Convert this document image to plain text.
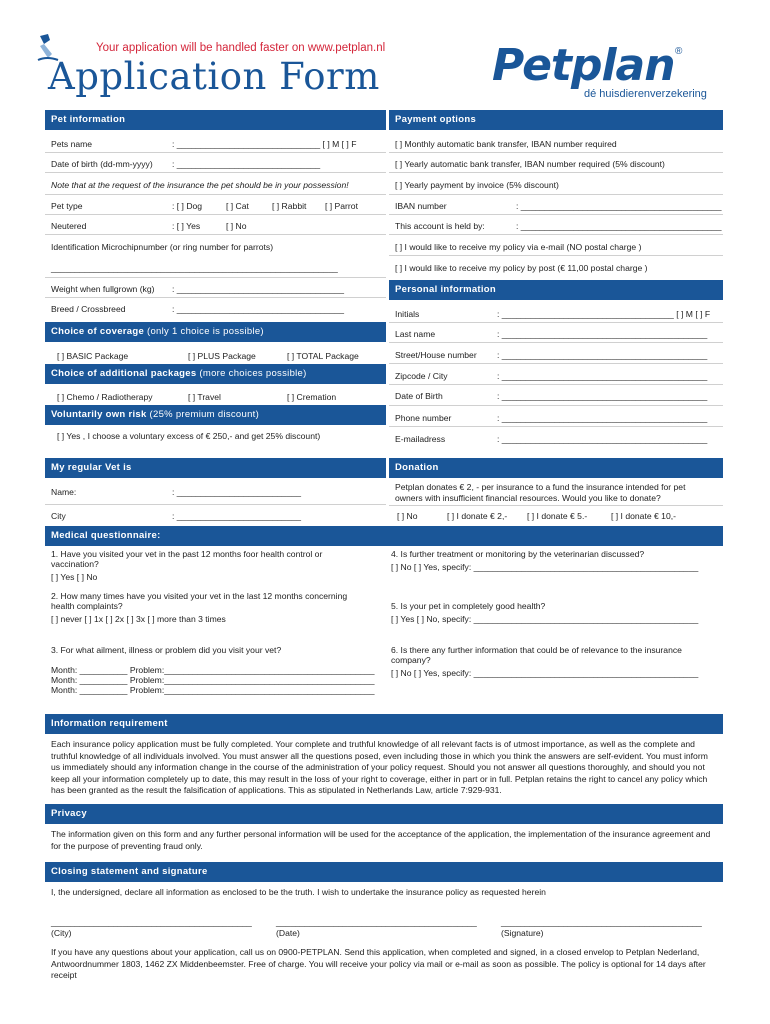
Your application will be handled faster on www.petplan.nl
Application Form	Petplan ®
dé huisdierenverzekering
Pet information
Pets name	: ______________________________ [ ] M [ ] F
Date of birth (dd-mm-yyyy) : ______________________________
Note that at the request of the insurance the pet should be in your possession!
Pet type	: [ ] Dog	[ ] Cat	[ ] Rabbit [ ] Parrot
Neutered	: [ ] Yes	[ ] No
Identification Microchipnumber (or ring number for parrots)
____________________________________________________________
Weight when fullgrown (kg) : ___________________________________
Breed / Crossbreed	: ___________________________________
Choice of coverage (only 1 choice is possible)
[ ] BASIC Package	[ ] PLUS Package	[ ] TOTAL Package
Choice of additional packages (more choices possible)
[ ] Chemo / Radiotherapy	[ ] Travel	[ ] Cremation
Voluntarily own risk (25% premium discount)
[ ] Yes , I choose a voluntary excess of € 250,- and get 25% discount)
Payment options
[ ] Monthly automatic bank transfer, IBAN number required
[ ] Yearly automatic bank transfer, IBAN number required (5% discount)
[ ] Yearly payment by invoice (5% discount)
IBAN number	: __________________________________________
This account is held by:	: __________________________________________
[ ] I would like to receive my policy via e-mail (NO postal charge )
[ ] I would like to receive my policy by post (€ 11,00 postal charge )
Personal information
Initials	: ____________________________________ [ ] M [ ] F
Last name	: ___________________________________________
Street/House number : ___________________________________________
Zipcode / City	: ___________________________________________
Date of Birth	: ___________________________________________
Phone number	: ___________________________________________
E-mailadress	: ___________________________________________
My regular Vet is
Name:	: __________________________
City	: __________________________
Donation
Petplan donates € 2, - per insurance to a fund the insurance intended for pet owners with insufficient financial resources. Would you like to donate?
[ ] No	[ ] I donate € 2,- [ ] I donate € 5.-	[ ] I donate € 10,-
Medical questionnaire:
1. Have you visited your vet in the past 12 months foor health control or vaccination?
[ ] Yes [ ] No
2. How many times have you visited your vet in the last 12 months concerning health complaints?
[ ] never [ ] 1x [ ] 2x [ ] 3x [ ] more than 3 times
3. For what ailment, illness or problem did you visit your vet?
Month: __________ Problem:____________________________________________
Month: __________ Problem:____________________________________________
Month: __________ Problem:____________________________________________
4. Is further treatment or monitoring by the veterinarian discussed?
[ ] No [ ] Yes, specify: _______________________________________________
5. Is your pet in completely good health?
[ ] Yes [ ] No, specify: _______________________________________________
6. Is there any further information that could be of relevance to the insurance company?
[ ] No [ ] Yes, specify: _______________________________________________
Information requirement
Each insurance policy application must be fully completed. Your complete and truthful knowledge of all relevant facts is of utmost importance, as well as the complete and truthful knowledge of all individuals involved. You must answer all the questions posed, even including those in which you think the answers are self-evident. You must inform us immediately should any information change in the course of the administration of your policy request. Should you not answer all questions thoroughly, and should you not keep all your information completely up to date, this may result in the loss of your right to coverage, either in part or in full. Petplan retains the right to cancel any policy which has been granted as the result the falsification of applications. This as stipulated in Netherlands Law, article 7:929-931.
Privacy
The information given on this form and any further personal information will be used for the acceptance of the application, the implementation of the insurance agreement and for the purpose of preventing fraud only.
Closing statement and signature
I, the undersigned, declare all information as enclosed to be the truth. I wish to undertake the insurance policy as requested herein
__________________________________________	__________________________________________	__________________________________________
(City)	(Date)	(Signature)
If you have any questions about your application, call us on 0900-PETPLAN. Send this application, when completed and signed, in a closed envelop to Petplan Nederland, Antwoordnummer 1803, 1462 ZX Middenbeemster. Free of charge. You will receive your policy via mail or e-mail as soon as possible. The policy is optional for 14 days after receipt
